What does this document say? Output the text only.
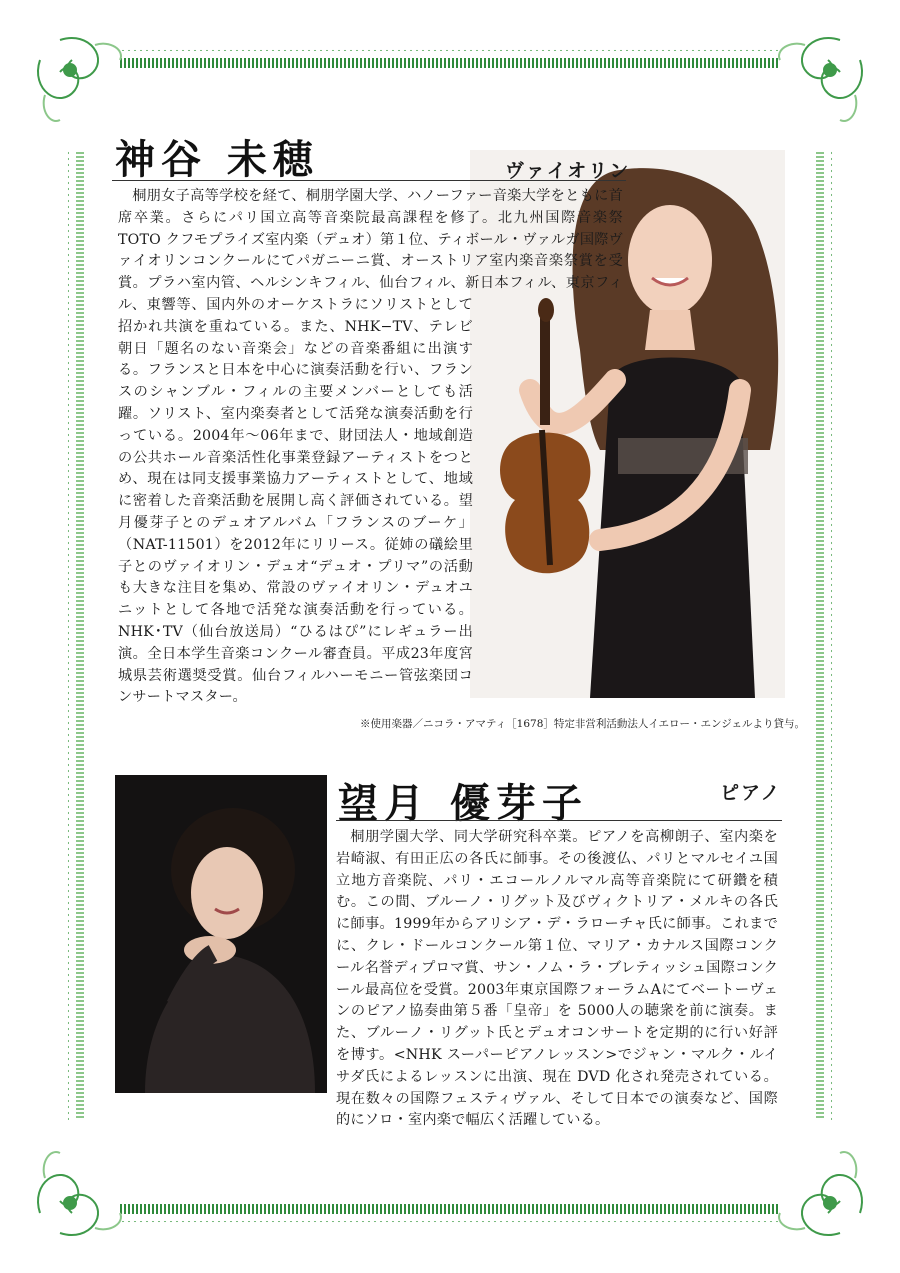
神谷 未穂	ヴァイオリン

桐朋女子高等学校を経て、桐朋学園大学、ハノーファー音楽大学をともに首席卒業。さらにパリ国立高等音楽院最高課程を修了。北九州国際音楽祭 TOTO クフモプライズ室内楽（デュオ）第１位、ティボール・ヴァルガ国際ヴァイオリンコンクールにてパガニーニ賞、オーストリア室内楽音楽祭賞を受賞。プラハ室内管、ヘルシンキフィル、仙台フィル、新日本フィル、東京フィル、東響等、国内外のオーケストラにソリストとして招かれ共演を重ねている。また、NHK−TV、テレビ朝日「題名のない音楽会」などの音楽番組に出演する。フランスと日本を中心に演奏活動を行い、フランスのシャンブル・フィルの主要メンバーとしても活躍。ソリスト、室内楽奏者として活発な演奏活動を行っている。2004年〜06年まで、財団法人・地域創造の公共ホール音楽活性化事業登録アーティストをつとめ、現在は同支援事業協力アーティストとして、地域に密着した音楽活動を展開し高く評価されている。望月優芽子とのデュオアルバム「フランスのブーケ」（NAT-11501）を2012年にリリース。従姉の礒絵里子とのヴァイオリン・デュオ“デュオ・プリマ”の活動も大きな注目を集め、常設のヴァイオリン・デュオユニットとして各地で活発な演奏活動を行っている。NHK･TV（仙台放送局）“ひるはぴ”にレギュラー出演。全日本学生音楽コンクール審査員。平成23年度宮城県芸術選奨受賞。仙台フィルハーモニー管弦楽団コンサートマスター。

※使用楽器／ニコラ・アマティ［1678］特定非営利活動法人イエロー・エンジェルより貸与。
望月 優芽子	ピアノ

桐朋学園大学、同大学研究科卒業。ピアノを高柳朗子、室内楽を岩崎淑、有田正広の各氏に師事。その後渡仏、パリとマルセイユ国立地方音楽院、パリ・エコールノルマル高等音楽院にて研鑽を積む。この間、ブルーノ・リグット及びヴィクトリア・メルキの各氏に師事。1999年からアリシア・デ・ラローチャ氏に師事。これまでに、クレ・ドールコンクール第１位、マリア・カナルス国際コンクール名誉ディプロマ賞、サン・ノム・ラ・ブレティッシュ国際コンクール最高位を受賞。2003年東京国際フォーラムAにてベートーヴェンのピアノ協奏曲第５番「皇帝」を 5000人の聴衆を前に演奏。また、ブルーノ・リグット氏とデュオコンサートを定期的に行い好評を博す。<NHK スーパーピアノレッスン>でジャン・マルク・ルイサダ氏によるレッスンに出演、現在 DVD 化され発売されている。現在数々の国際フェスティヴァル、そして日本での演奏など、国際的にソロ・室内楽で幅広く活躍している。
